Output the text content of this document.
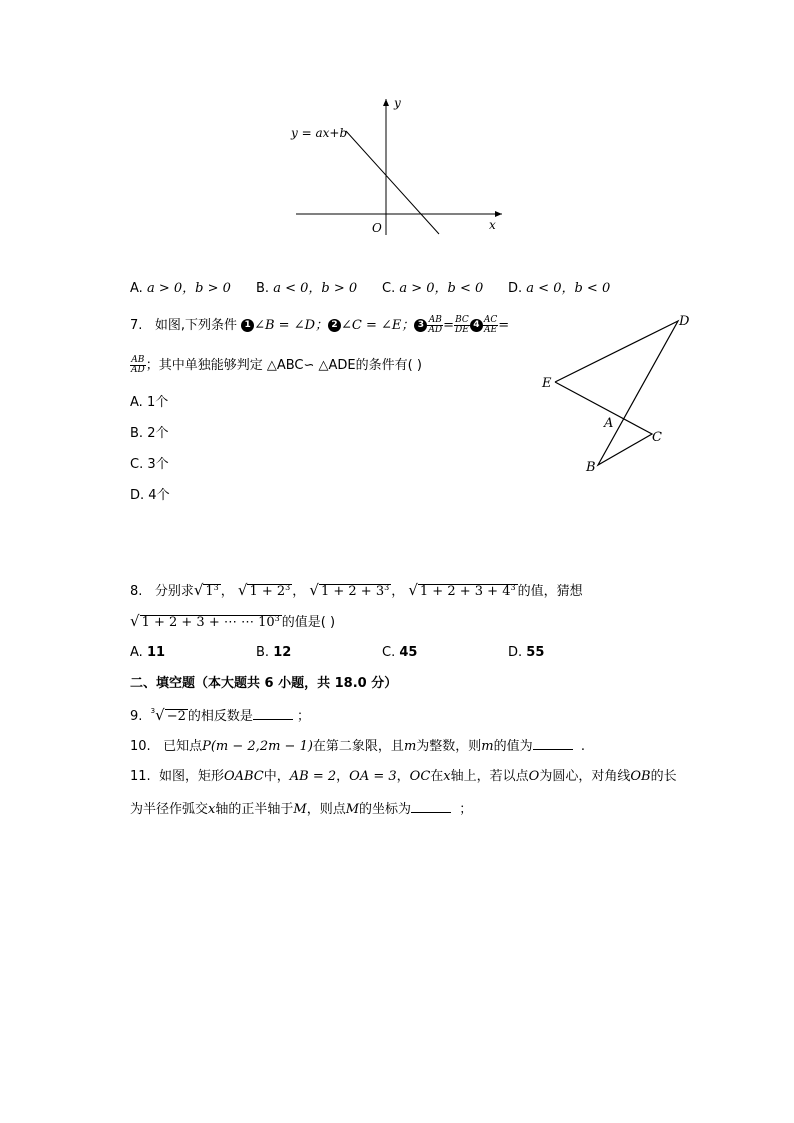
y
x
O
y = ax+b
A. a > 0，b > 0 B. a < 0，b > 0 C. a > 0，b < 0 D. a < 0，b < 0
7. 如图,下列条件 1 ∠B = ∠D； 2 ∠C = ∠E； $3 \frac{AB}{AD} = \frac{BC}{DE} 4 \frac{AC}{AE}$ =
$\frac{AB}{AD}$ ；其中单独能够判定 △ABC∽ △ADE的条件有( )
A. 1个
B. 2个
C. 3个
D. 4个
D
E
A
C
B
8. 分别求√ $1^3$ ， √ $1 + 2^3$ ， √ $1 + 2 + 3^3$ ， √ $1 + 2 + 3 + 4^3$ 的值，猜想
√ 1 + 2 + 3 + ⋯ ⋯ $10^3$ 的值是( )
A. 11	B. 12	C. 45	D. 55
二、填空题（本大题共 6 小题，共 18.0 分）
9. $^3$√ −2 的相反数是	；
10. 已知点P(m − 2,2m − 1)在第二象限，且m为整数，则m的值为	.
11. 如图，矩形OABC中，AB = 2，OA = 3，OC在x轴上，若以点O为圆心，对角线OB的长
为半径作弧交x轴的正半轴于M，则点M的坐标为	；
